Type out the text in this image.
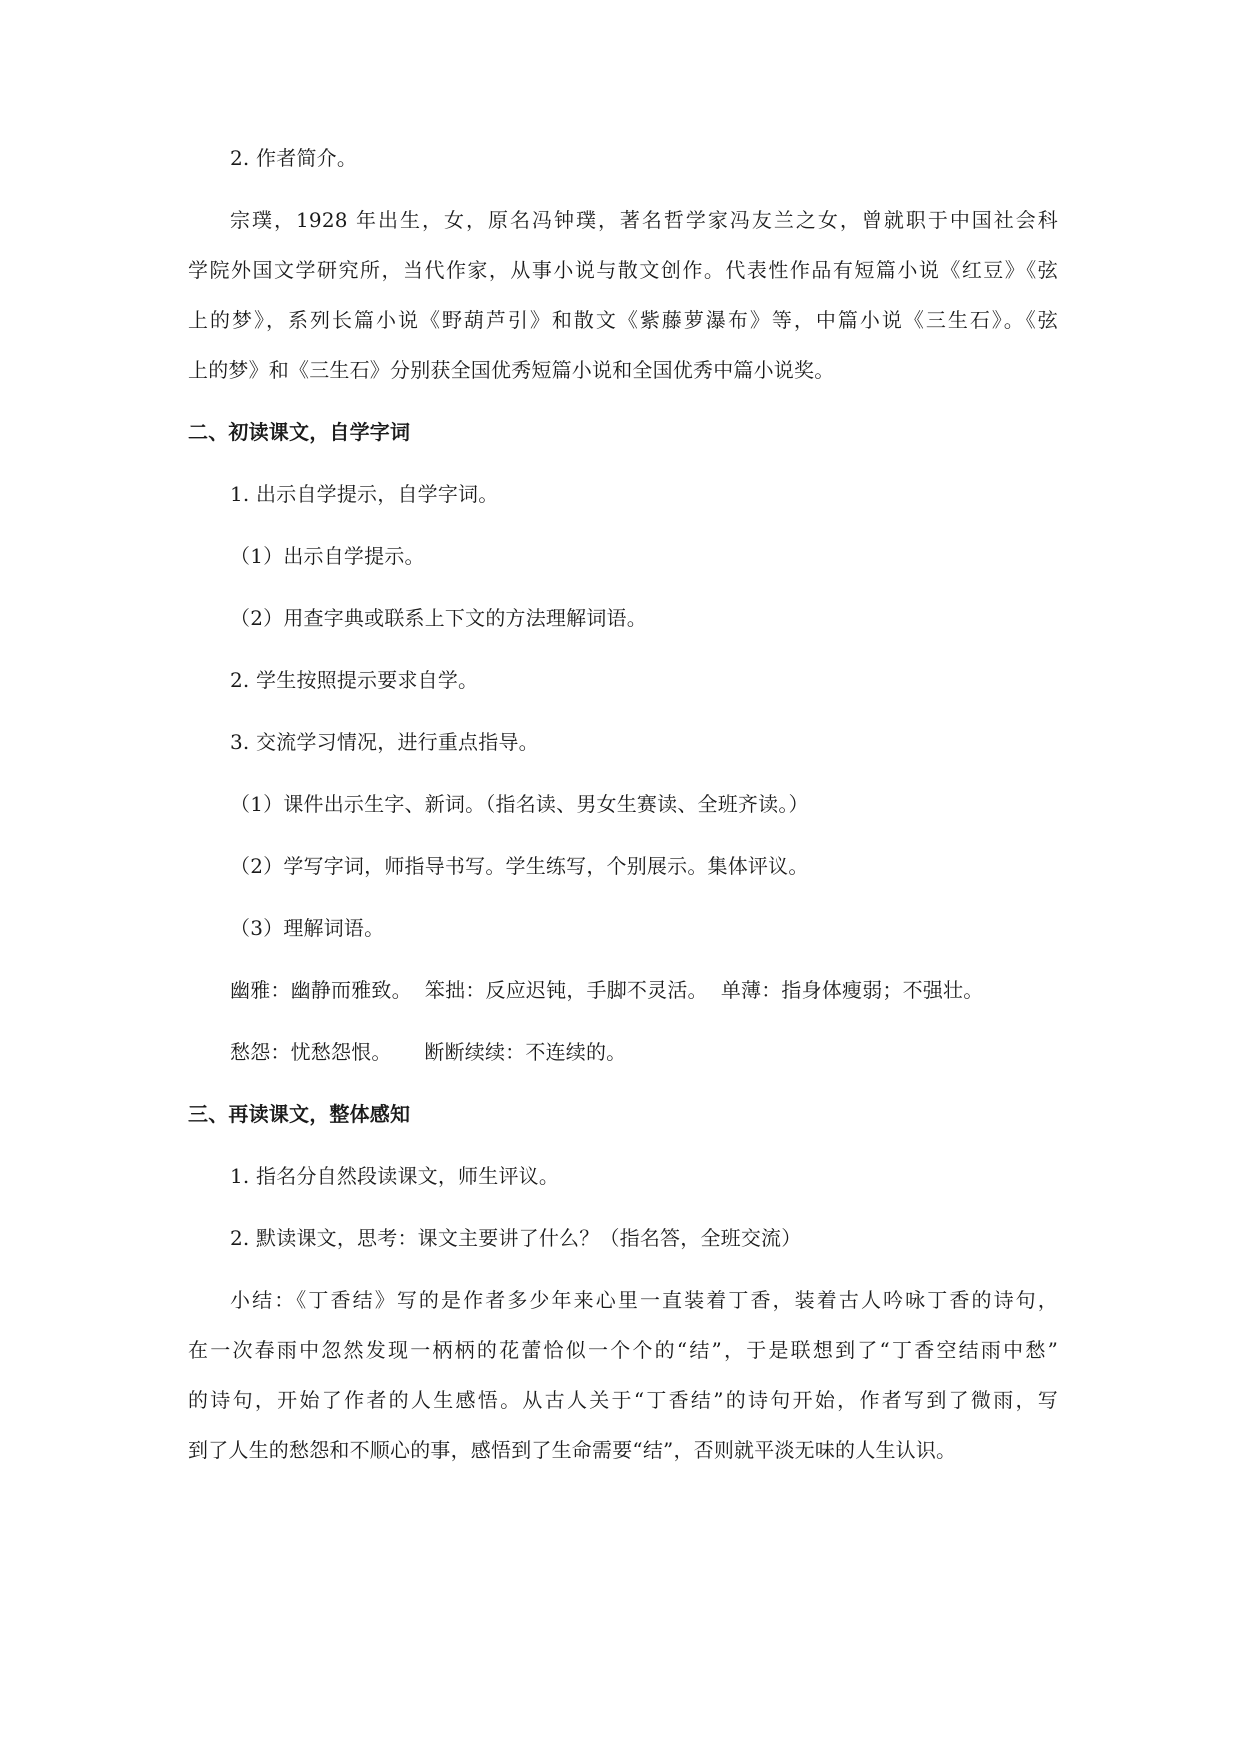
2. 作者简介。
宗璞，1928 年出生，女，原名冯钟璞，著名哲学家冯友兰之女，曾就职于中国社会科
学院外国文学研究所，当代作家，从事小说与散文创作。代表性作品有短篇小说《红豆》《弦
上的梦》，系列长篇小说《野葫芦引》和散文《紫藤萝瀑布》等，中篇小说《三生石》。《弦
上的梦》和《三生石》分别获全国优秀短篇小说和全国优秀中篇小说奖。
二、初读课文，自学字词
1. 出示自学提示，自学字词。
（1）出示自学提示。
（2）用查字典或联系上下文的方法理解词语。
2. 学生按照提示要求自学。
3. 交流学习情况，进行重点指导。
（1）课件出示生字、新词。（指名读、男女生赛读、全班齐读。）
（2）学写字词，师指导书写。学生练写，个别展示。集体评议。
（3）理解词语。
幽雅：幽静而雅致。  笨拙：反应迟钝，手脚不灵活。  单薄：指身体瘦弱；不强壮。
愁怨：忧愁怨恨。     断断续续：不连续的。
三、再读课文，整体感知
1. 指名分自然段读课文，师生评议。
2. 默读课文，思考：课文主要讲了什么？（指名答，全班交流）
小结：《丁香结》写的是作者多少年来心里一直装着丁香，装着古人吟咏丁香的诗句，
在一次春雨中忽然发现一柄柄的花蕾恰似一个个的“结”，于是联想到了“丁香空结雨中愁”
的诗句，开始了作者的人生感悟。从古人关于“丁香结”的诗句开始，作者写到了微雨，写
到了人生的愁怨和不顺心的事，感悟到了生命需要“结”，否则就平淡无味的人生认识。
